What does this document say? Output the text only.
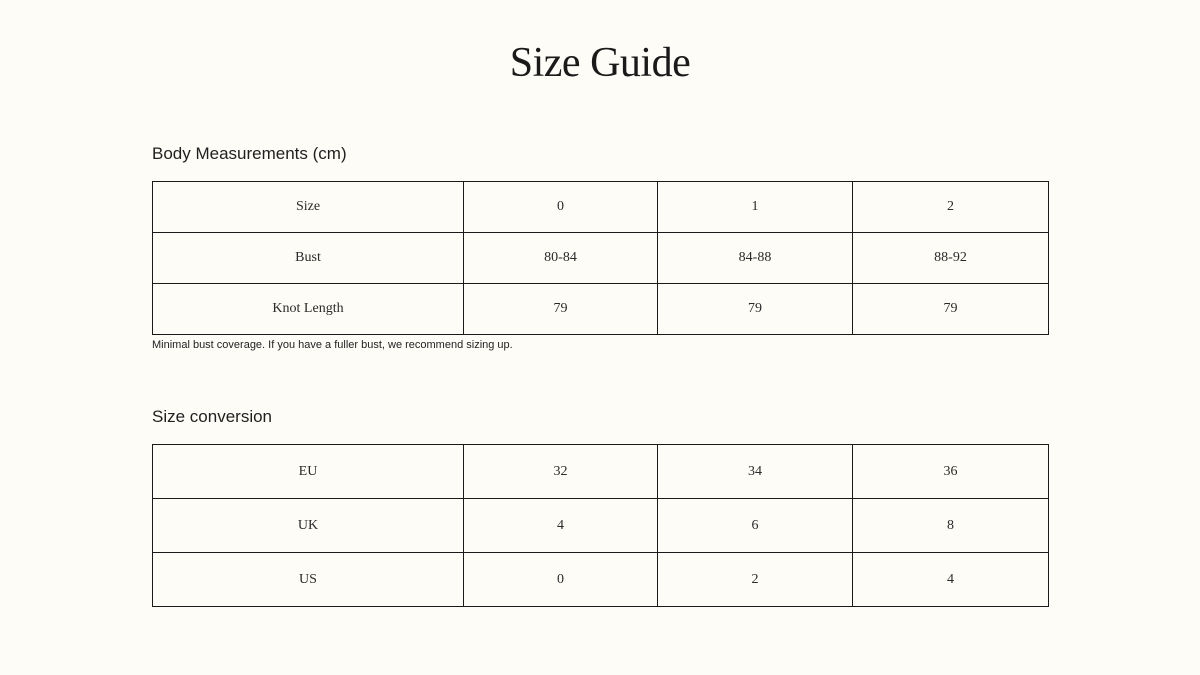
Size Guide
Body Measurements (cm)
Size	0	1	2
Bust	80-84	84-88	88-92
Knot Length	79	79	79

Minimal bust coverage. If you have a fuller bust, we recommend sizing up.

Size conversion
EU	32	34	36
UK	4	6	8
US	0	2	4
